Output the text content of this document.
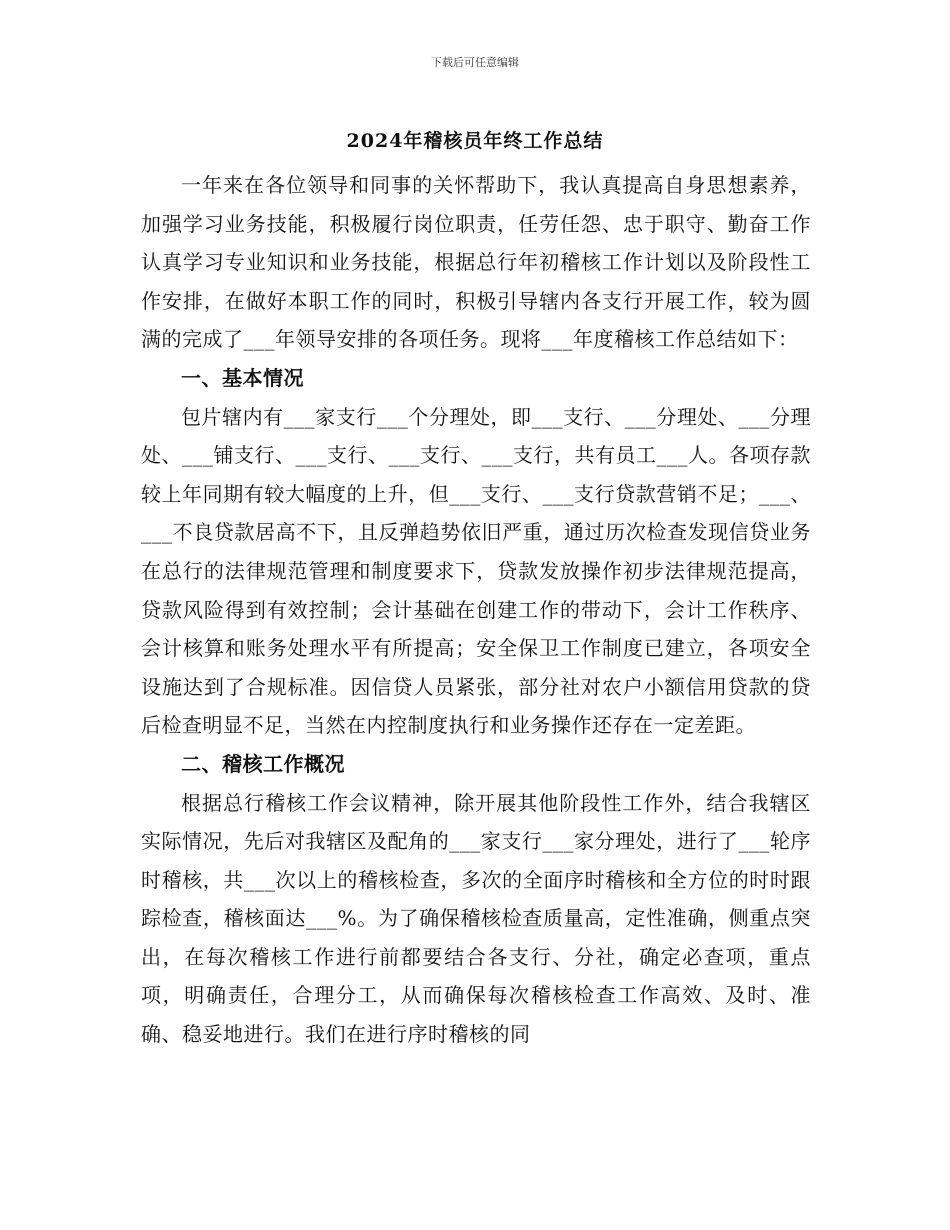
下载后可任意编辑
2024年稽核员年终工作总结

一年来在各位领导和同事的关怀帮助下，我认真提高自身思想素养，加强学习业务技能，积极履行岗位职责，任劳任怨、忠于职守、勤奋工作认真学习专业知识和业务技能，根据总行年初稽核工作计划以及阶段性工作安排，在做好本职工作的同时，积极引导辖内各支行开展工作，较为圆满的完成了___年领导安排的各项任务。现将___年度稽核工作总结如下：

一、基本情况

包片辖内有___家支行___个分理处，即___支行、___分理处、___分理处、___铺支行、___支行、___支行、___支行，共有员工___人。各项存款较上年同期有较大幅度的上升，但___支行、___支行贷款营销不足；___、___不良贷款居高不下，且反弹趋势依旧严重，通过历次检查发现信贷业务在总行的法律规范管理和制度要求下，贷款发放操作初步法律规范提高，贷款风险得到有效控制；会计基础在创建工作的带动下，会计工作秩序、会计核算和账务处理水平有所提高；安全保卫工作制度已建立，各项安全设施达到了合规标准。因信贷人员紧张，部分社对农户小额信用贷款的贷后检查明显不足，当然在内控制度执行和业务操作还存在一定差距。

二、稽核工作概况

根据总行稽核工作会议精神，除开展其他阶段性工作外，结合我辖区实际情况，先后对我辖区及配角的___家支行___家分理处，进行了___轮序时稽核，共___次以上的稽核检查，多次的全面序时稽核和全方位的时时跟踪检查，稽核面达___%。为了确保稽核检查质量高，定性准确，侧重点突出，在每次稽核工作进行前都要结合各支行、分社，确定必查项，重点项，明确责任，合理分工，从而确保每次稽核检查工作高效、及时、准确、稳妥地进行。我们在进行序时稽核的同
